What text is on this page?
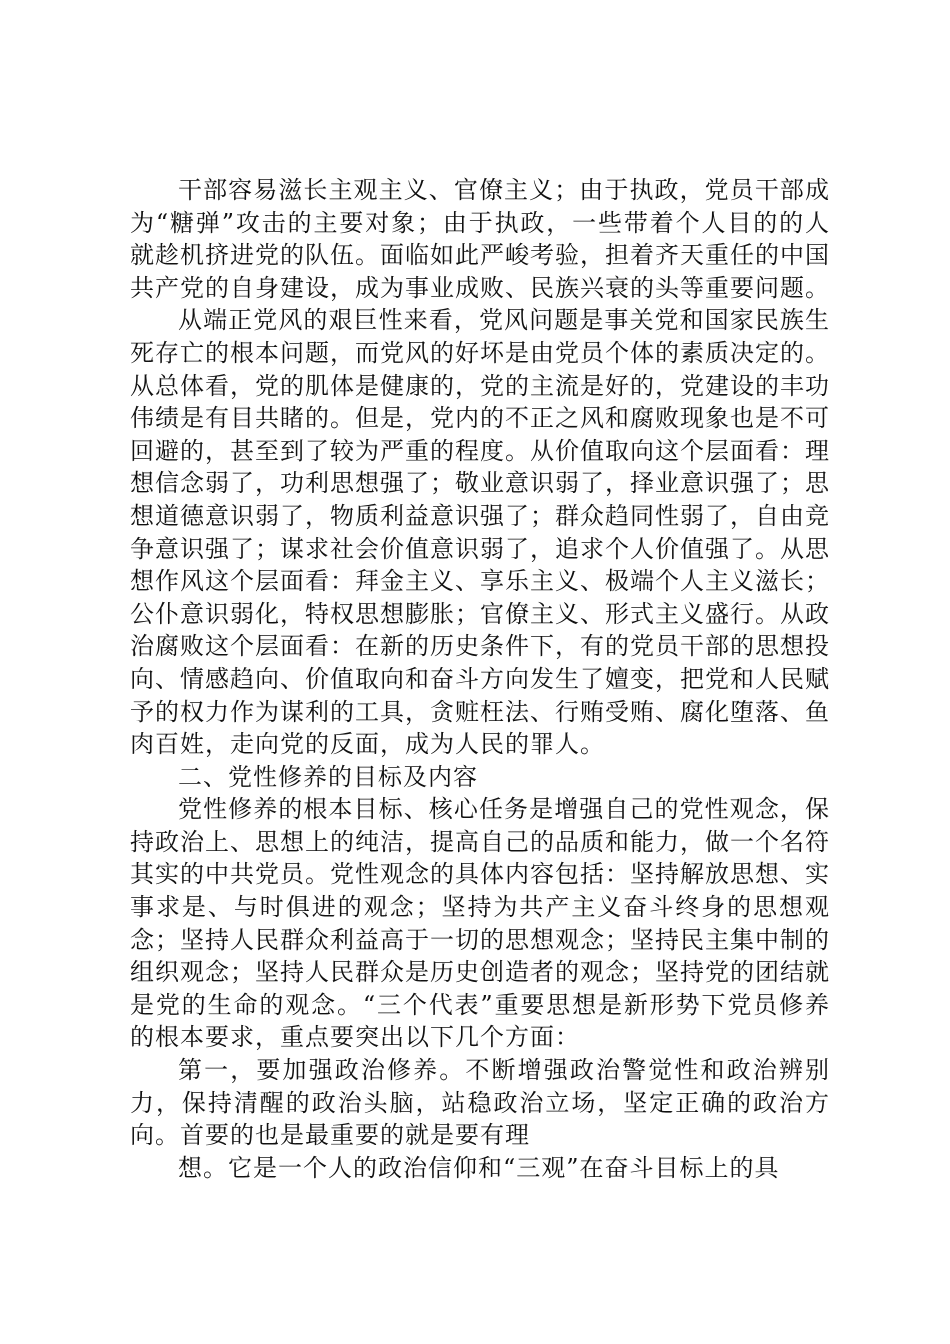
干部容易滋长主观主义、官僚主义；由于执政，党员干部成为“糖弹”攻击的主要对象；由于执政，一些带着个人目的的人就趁机挤进党的队伍。面临如此严峻考验，担着齐天重任的中国共产党的自身建设，成为事业成败、民族兴衰的头等重要问题。

从端正党风的艰巨性来看，党风问题是事关党和国家民族生死存亡的根本问题，而党风的好坏是由党员个体的素质决定的。从总体看，党的肌体是健康的，党的主流是好的，党建设的丰功伟绩是有目共睹的。但是，党内的不正之风和腐败现象也是不可回避的，甚至到了较为严重的程度。从价值取向这个层面看：理想信念弱了，功利思想强了；敬业意识弱了，择业意识强了；思想道德意识弱了，物质利益意识强了；群众趋同性弱了，自由竞争意识强了；谋求社会价值意识弱了，追求个人价值强了。从思想作风这个层面看：拜金主义、享乐主义、极端个人主义滋长；公仆意识弱化，特权思想膨胀；官僚主义、形式主义盛行。从政治腐败这个层面看：在新的历史条件下，有的党员干部的思想投向、情感趋向、价值取向和奋斗方向发生了嬗变，把党和人民赋予的权力作为谋利的工具，贪赃枉法、行贿受贿、腐化堕落、鱼肉百姓，走向党的反面，成为人民的罪人。

二、党性修养的目标及内容

党性修养的根本目标、核心任务是增强自己的党性观念，保持政治上、思想上的纯洁，提高自己的品质和能力，做一个名符其实的中共党员。党性观念的具体内容包括：坚持解放思想、实事求是、与时俱进的观念；坚持为共产主义奋斗终身的思想观念；坚持人民群众利益高于一切的思想观念；坚持民主集中制的组织观念；坚持人民群众是历史创造者的观念；坚持党的团结就是党的生命的观念。“三个代表”重要思想是新形势下党员修养的根本要求，重点要突出以下几个方面：

第一，要加强政治修养。不断增强政治警觉性和政治辨别力，保持清醒的政治头脑，站稳政治立场，坚定正确的政治方向。首要的也是最重要的就是要有理

想。它是一个人的政治信仰和“三观”在奋斗目标上的具
